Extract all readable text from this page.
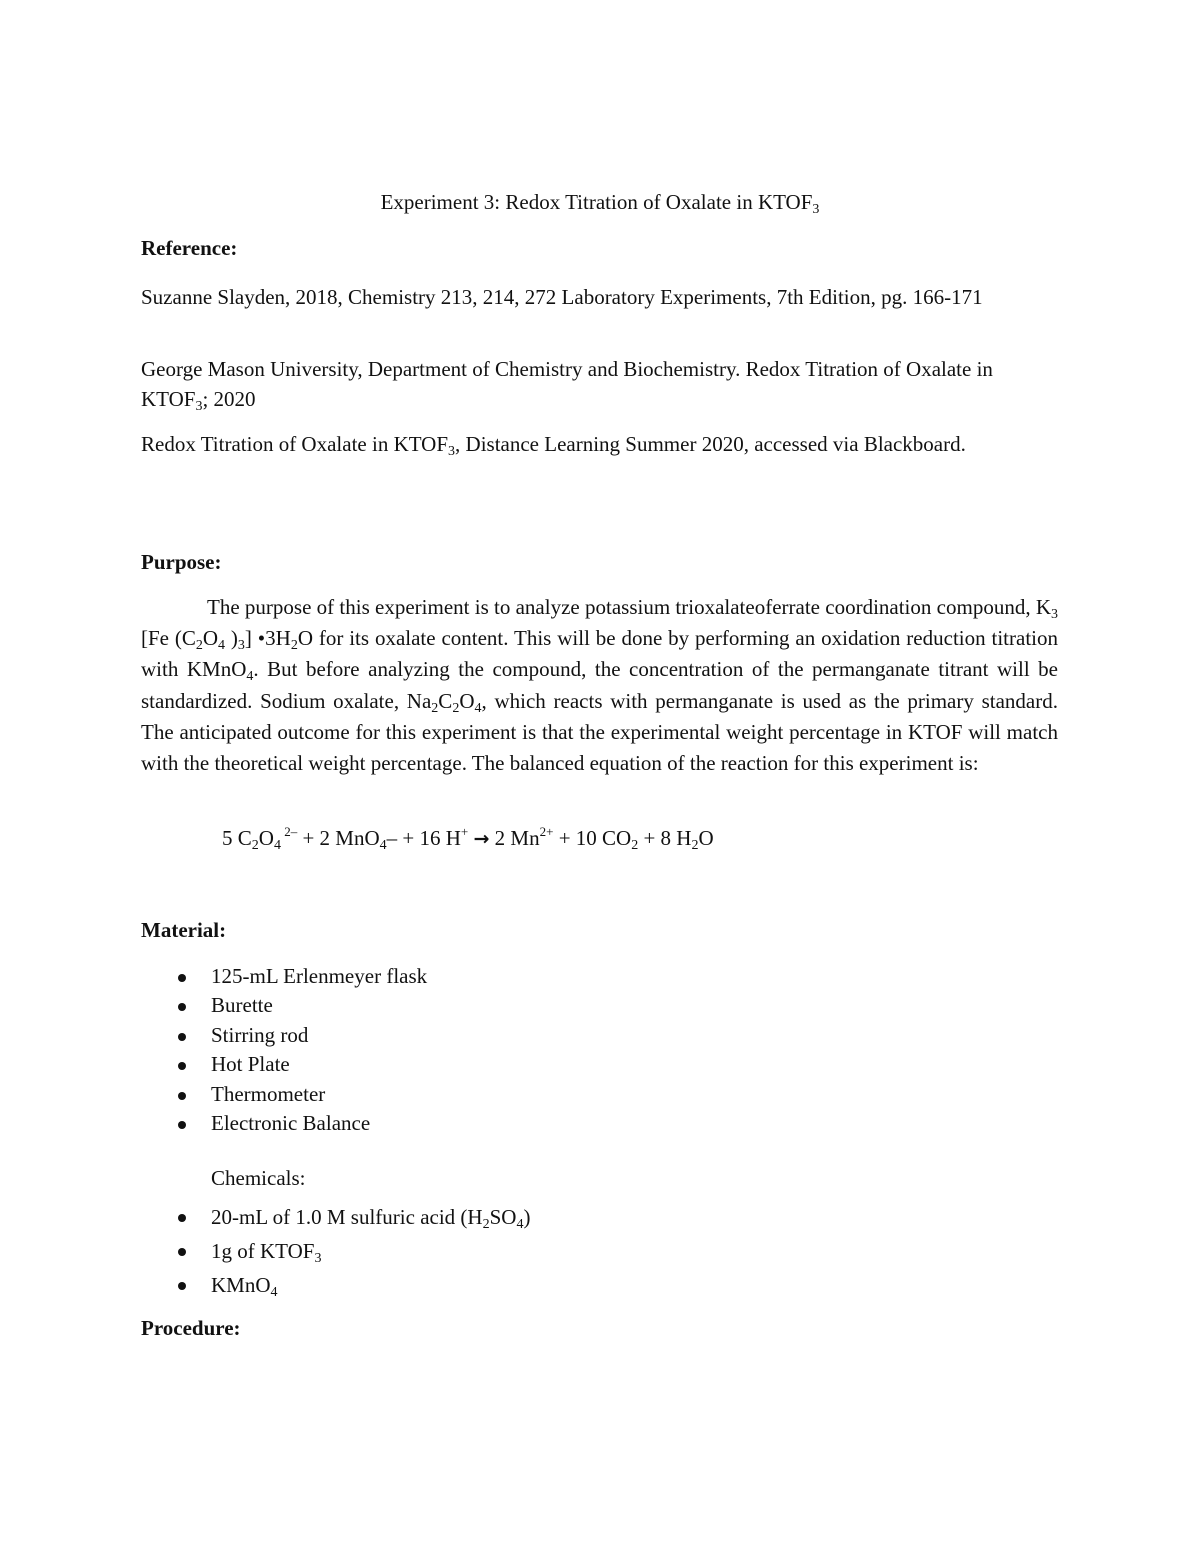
Experiment 3: Redox Titration of Oxalate in $KTOF_3$
Reference:
Suzanne Slayden, 2018, Chemistry 213, 214, 272 Laboratory Experiments, 7th Edition, pg. 166-171
George Mason University, Department of Chemistry and Biochemistry. Redox Titration of Oxalate in $KTOF_3$; 2020
Redox Titration of Oxalate in $KTOF_3$, Distance Learning Summer 2020, accessed via Blackboard.
Purpose:
The purpose of this experiment is to analyze potassium trioxalateoferrate coordination compound, $K_3$ [Fe ($C_2O_4$ )$_3$] $•3H_2O$ for its oxalate content. This will be done by performing an oxidation reduction titration with KMnO$_4$. But before analyzing the compound, the concentration of the permanganate titrant will be standardized. Sodium oxalate, $Na_2C_2O_4$, which reacts with permanganate is used as the primary standard. The anticipated outcome for this experiment is that the experimental weight percentage in KTOF will match with the theoretical weight percentage. The balanced equation of the reaction for this experiment is:
5 $C_2O_4$ $^{2-}$ + 2 MnO$_4$– + 16 H+ → 2 $Mn^{2+} + 10$ $CO_2 + 8$ $H_2O$
Material:
125-mL Erlenmeyer flask
Burette
Stirring rod
Hot Plate
Thermometer
Electronic Balance
Chemicals:
20-mL of 1.0 M sulfuric acid $(H_2SO_4)$
1g of $KTOF_3$
KMnO$_4$
Procedure:
